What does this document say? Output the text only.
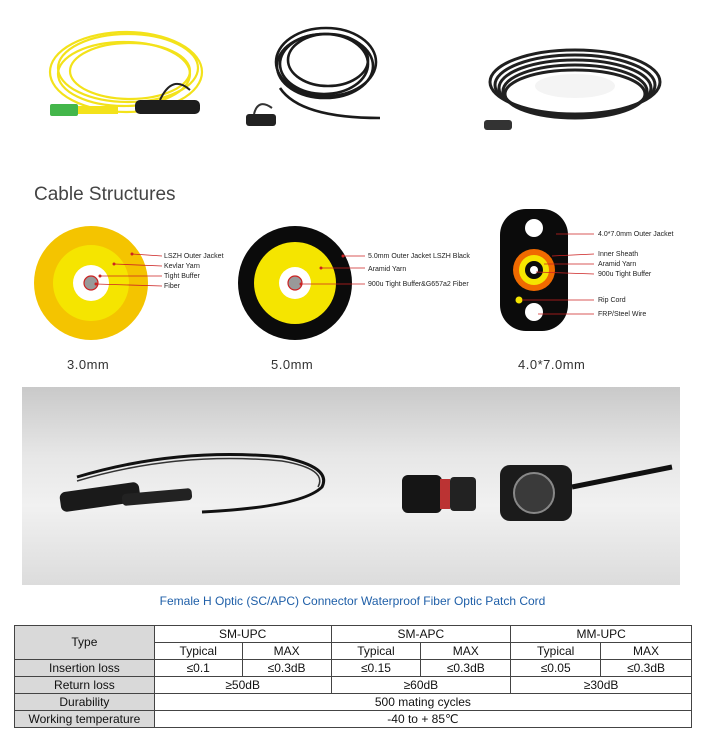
Cable Structures
LSZH Outer Jacket
Kevlar Yarn
Tight Buffer
Fiber
3.0mm
5.0mm Outer Jacket LSZH Black
Aramid Yarn
900u Tight Buffer&G657a2 Fiber
5.0mm
4.0*7.0mm Outer Jacket
Inner Sheath
Aramid Yarn
900u Tight Buffer
Rip Cord
FRP/Steel Wire
4.0*7.0mm
Female H Optic (SC/APC) Connector Waterproof Fiber Optic Patch Cord
Type	SM-UPC		SM-APC		MM-UPC	
	Typical	MAX	Typical	MAX	Typical	MAX
Insertion loss	≤0.1	≤0.3dB	≤0.15	≤0.3dB	≤0.05	≤0.3dB
Return loss	≥50dB		≥60dB		≥30dB	
Durability	500 mating cycles					
Working temperature	-40 to + 85℃					
